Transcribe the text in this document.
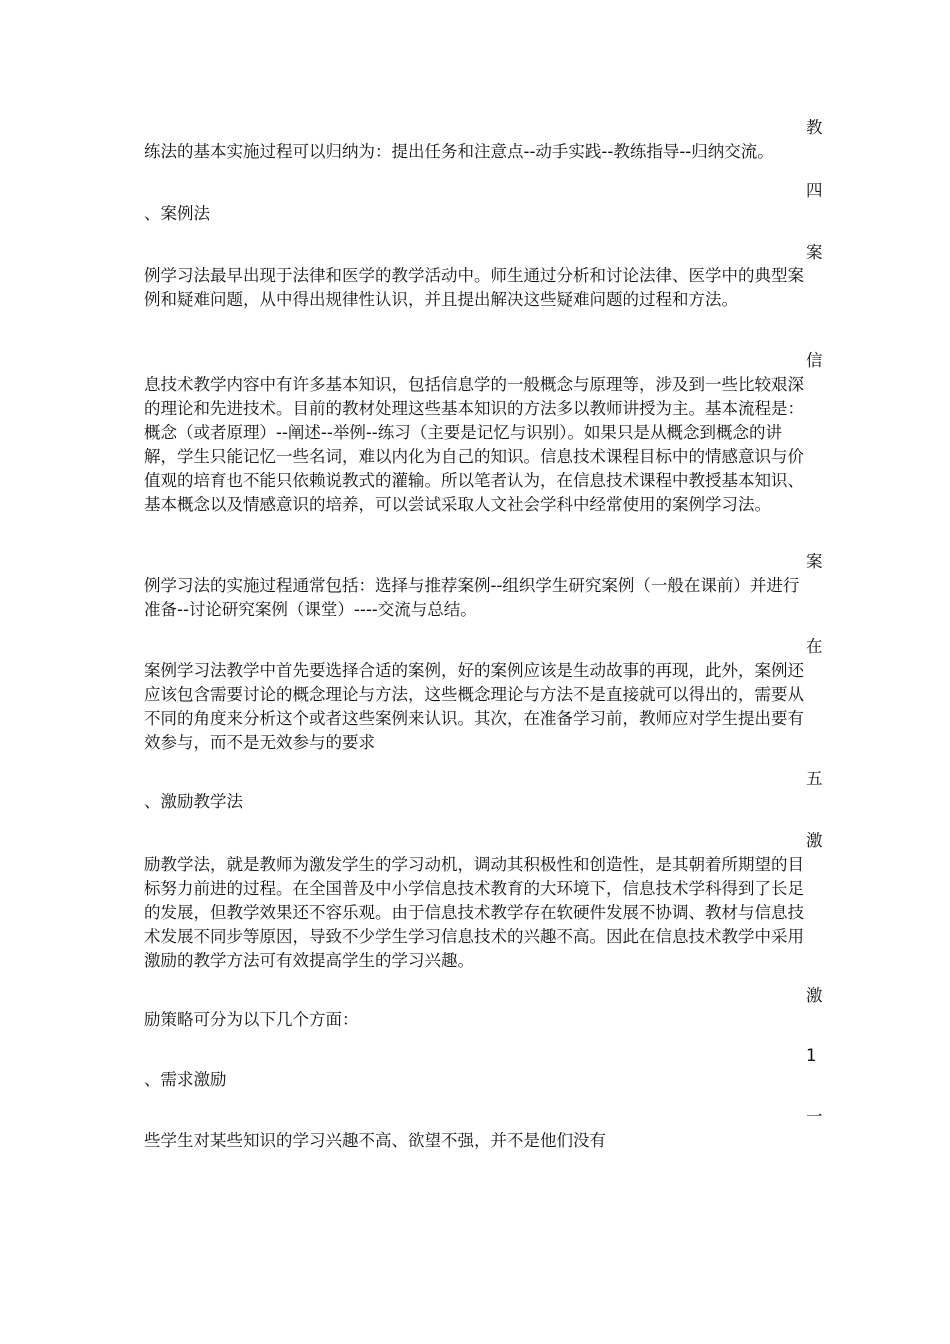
教
练法的基本实施过程可以归纳为：提出任务和注意点--动手实践--教练指导--归纳交流。
四
、案例法
案
例学习法最早出现于法律和医学的教学活动中。师生通过分析和讨论法律、医学中的典型案例和疑难问题，从中得出规律性认识，并且提出解决这些疑难问题的过程和方法。
信
息技术教学内容中有许多基本知识，包括信息学的一般概念与原理等，涉及到一些比较艰深的理论和先进技术。目前的教材处理这些基本知识的方法多以教师讲授为主。基本流程是：概念（或者原理）--阐述--举例--练习（主要是记忆与识别）。如果只是从概念到概念的讲解，学生只能记忆一些名词，难以内化为自己的知识。信息技术课程目标中的情感意识与价值观的培育也不能只依赖说教式的灌输。所以笔者认为，在信息技术课程中教授基本知识、基本概念以及情感意识的培养，可以尝试采取人文社会学科中经常使用的案例学习法。
案
例学习法的实施过程通常包括：选择与推荐案例--组织学生研究案例（一般在课前）并进行准备--讨论研究案例（课堂）----交流与总结。
在
案例学习法教学中首先要选择合适的案例，好的案例应该是生动故事的再现，此外，案例还应该包含需要讨论的概念理论与方法，这些概念理论与方法不是直接就可以得出的，需要从不同的角度来分析这个或者这些案例来认识。其次，在准备学习前，教师应对学生提出要有效参与，而不是无效参与的要求
五
、激励教学法
激
励教学法，就是教师为激发学生的学习动机，调动其积极性和创造性，是其朝着所期望的目标努力前进的过程。在全国普及中小学信息技术教育的大环境下，信息技术学科得到了长足的发展，但教学效果还不容乐观。由于信息技术教学存在软硬件发展不协调、教材与信息技术发展不同步等原因，导致不少学生学习信息技术的兴趣不高。因此在信息技术教学中采用激励的教学方法可有效提高学生的学习兴趣。
激
励策略可分为以下几个方面：
1
、需求激励
一
些学生对某些知识的学习兴趣不高、欲望不强，并不是他们没有
